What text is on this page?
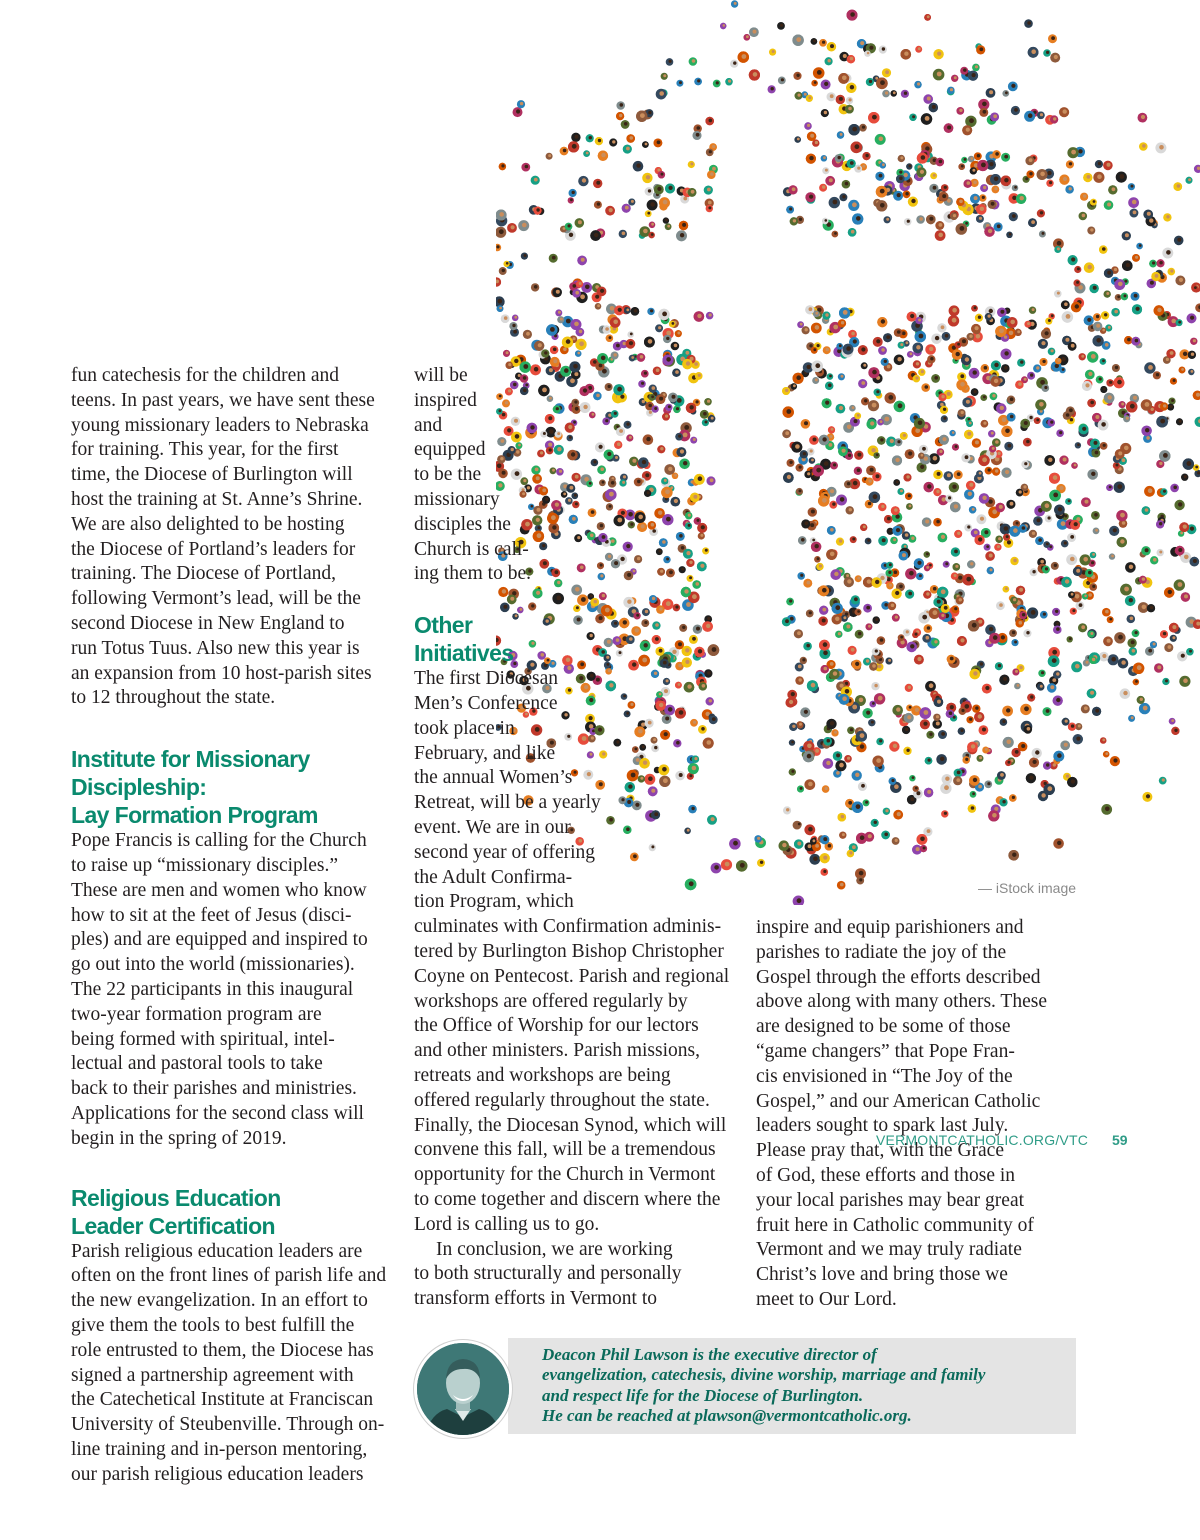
— iStock image

fun catechesis for the children and

teens. In past years, we have sent these

young missionary leaders to Nebraska

for training. This year, for the first

time, the Diocese of Burlington will

host the training at St. Anne’s Shrine.

We are also delighted to be hosting

the Diocese of Portland’s leaders for

training. The Diocese of Portland,

following Vermont’s lead, will be the

second Diocese in New England to

run Totus Tuus. Also new this year is

an expansion from 10 host-parish sites

to 12 throughout the state.

Institute for Missionary Discipleship:

Lay Formation Program

Pope Francis is calling for the Church

to raise up “missionary disciples.”

These are men and women who know

how to sit at the feet of Jesus (disci-

ples) and are equipped and inspired to

go out into the world (missionaries).

The 22 participants in this inaugural

two-year formation program are

being formed with spiritual, intel-

lectual and pastoral tools to take

back to their parishes and ministries.

Applications for the second class will

begin in the spring of 2019.

Religious Education

Leader Certification

Parish religious education leaders are

often on the front lines of parish life and

the new evangelization. In an effort to

give them the tools to best fulfill the

role entrusted to them, the Diocese has

signed a partnership agreement with

the Catechetical Institute at Franciscan

University of Steubenville. Through on-

line training and in-person mentoring,

our parish religious education leaders

will be

inspired

and

equipped

to be the

missionary

disciples the

Church is call-

ing them to be.

Other

Initiatives

The first Diocesan

Men’s Conference

took place in

February, and like

the annual Women’s

Retreat, will be a yearly

event. We are in our

second year of offering

the Adult Confirma-

tion Program, which

culminates with Confirmation adminis-

tered by Burlington Bishop Christopher

Coyne on Pentecost. Parish and regional

workshops are offered regularly by

the Office of Worship for our lectors

and other ministers. Parish missions,

retreats and workshops are being

offered regularly throughout the state.

Finally, the Diocesan Synod, which will

convene this fall, will be a tremendous

opportunity for the Church in Vermont

to come together and discern where the

Lord is calling us to go.

In conclusion, we are working

to both structurally and personally

transform efforts in Vermont to

inspire and equip parishioners and

parishes to radiate the joy of the

Gospel through the efforts described

above along with many others. These

are designed to be some of those

“game changers” that Pope Fran-

cis envisioned in “The Joy of the

Gospel,” and our American Catholic

leaders sought to spark last July.

Please pray that, with the Grace

of God, these efforts and those in

your local parishes may bear great

fruit here in Catholic community of

Vermont and we may truly radiate

Christ’s love and bring those we

meet to Our Lord.

Deacon Phil Lawson is the executive director of

evangelization, catechesis, divine worship, marriage and family

and respect life for the Diocese of Burlington.

He can be reached at plawson@vermontcatholic.org.

VERMONTCATHOLIC.ORG/VTC 59
